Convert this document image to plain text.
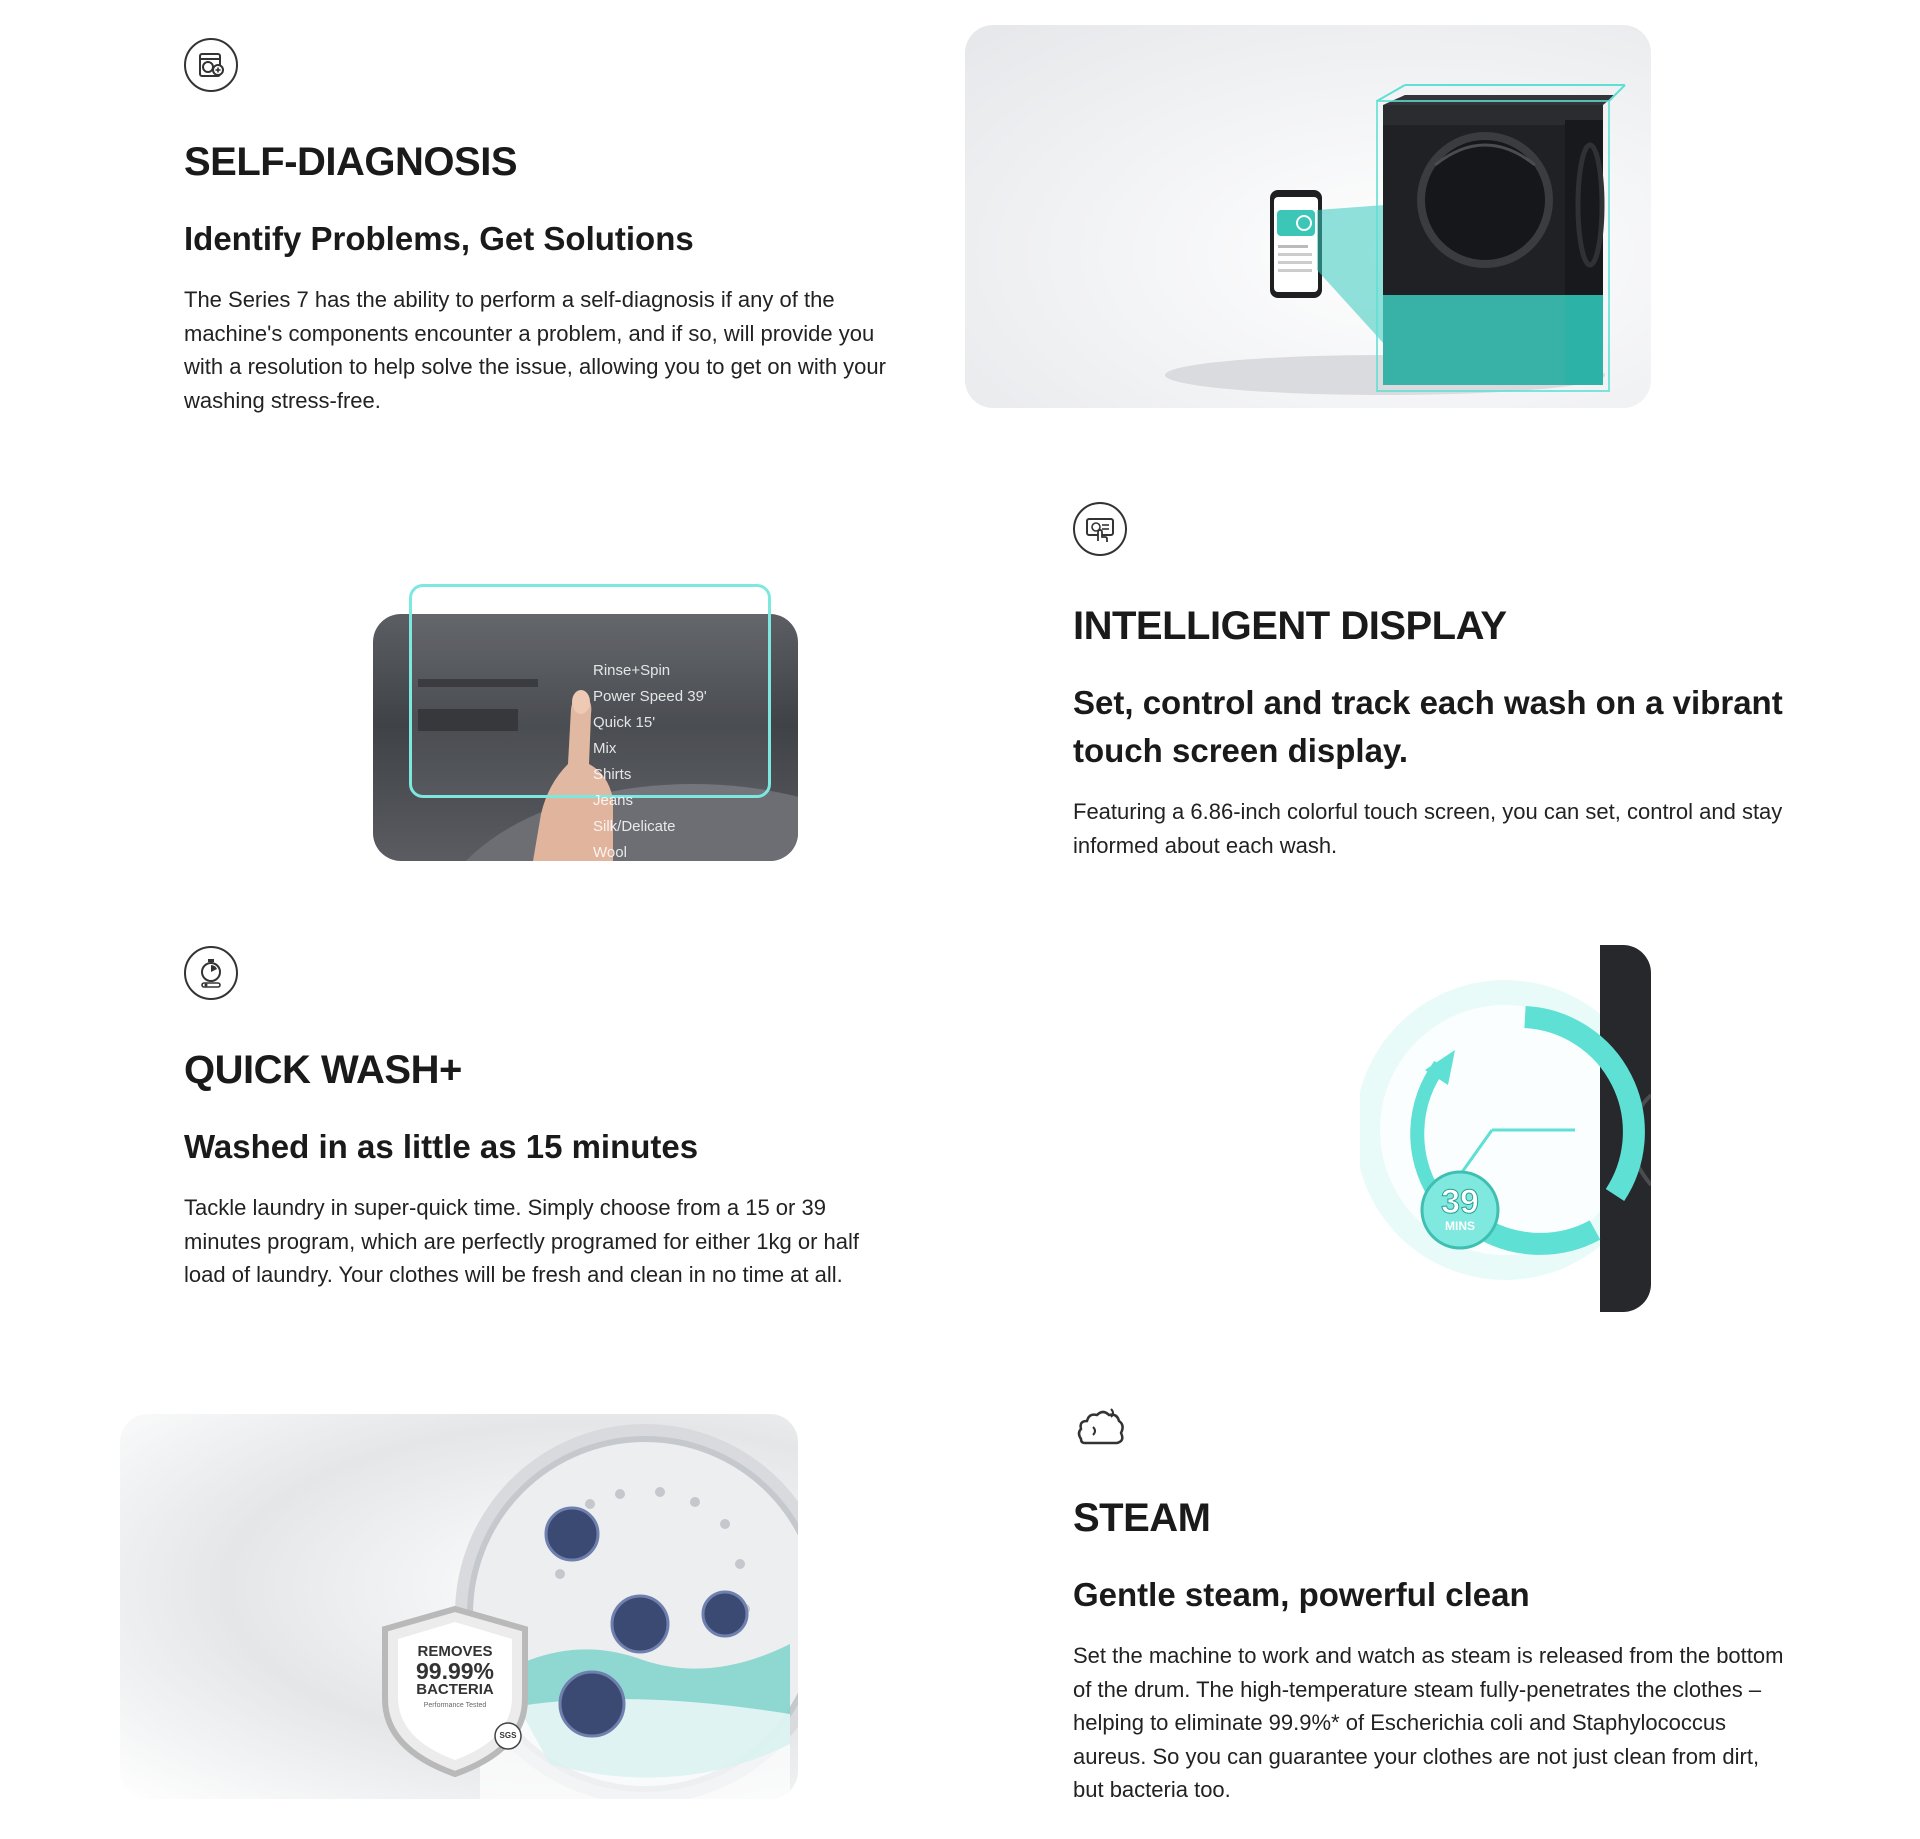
SELF-DIAGNOSIS
Identify Problems, Get Solutions

The Series 7 has the ability to perform a self-diagnosis if any of the machine's components encounter a problem, and if so, will provide you with a resolution to help solve the issue, allowing you to get on with your washing stress-free.

Rinse+Spin
Power Speed 39'
Quick 15'
Mix
Shirts
Jeans
Silk/Delicate
Wool
INTELLIGENT DISPLAY
Set, control and track each wash on a vibrant touch screen display.

Featuring a 6.86-inch colorful touch screen, you can set, control and stay informed about each wash.

QUICK WASH+
Washed in as little as 15 minutes

Tackle laundry in super-quick time. Simply choose from a 15 or 39 minutes program, which are perfectly programed for either 1kg or half load of laundry. Your clothes will be fresh and clean in no time at all.

39
MINS
REMOVES
99.99%
BACTERIA
Performance Tested
SGS
STEAM
Gentle steam, powerful clean

Set the machine to work and watch as steam is released from the bottom of the drum. The high-temperature steam fully-penetrates the clothes – helping to eliminate 99.9%* of Escherichia coli and Staphylococcus aureus. So you can guarantee your clothes are not just clean from dirt, but bacteria too.
